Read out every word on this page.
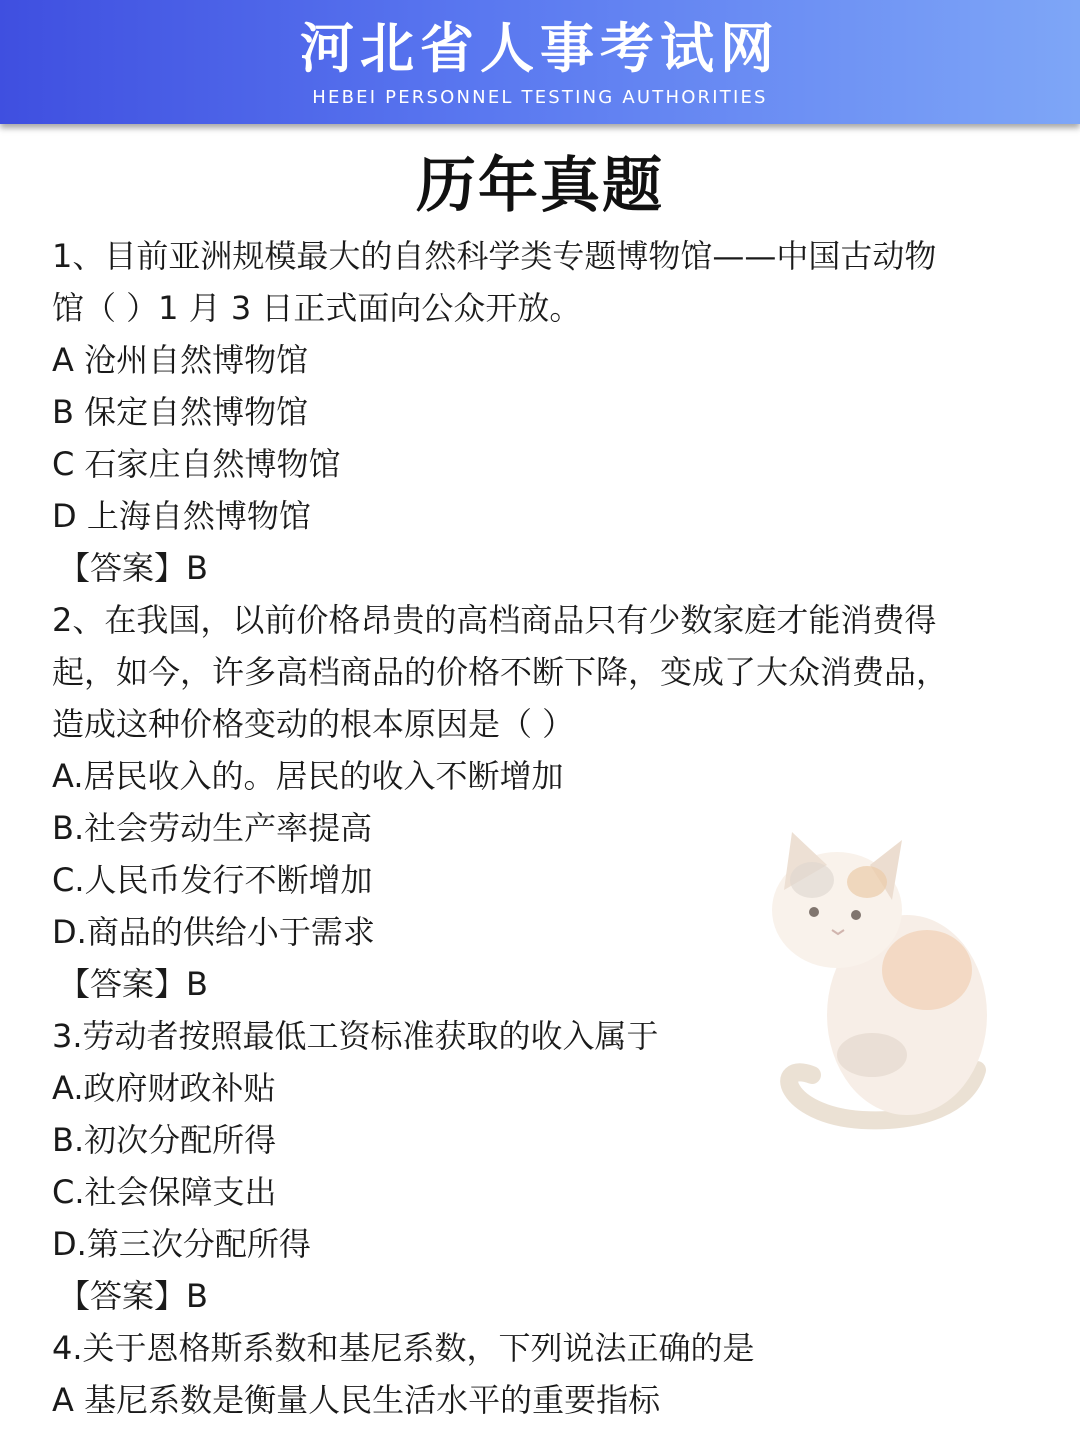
河北省人事考试网
HEBEI PERSONNEL TESTING AUTHORITIES
历年真题
1、目前亚洲规模最大的自然科学类专题博物馆——中国古动物
馆（ ）1 月 3 日正式面向公众开放。
A 沧州自然博物馆
B 保定自然博物馆
C 石家庄自然博物馆
D 上海自然博物馆
【答案】B
2、在我国，以前价格昂贵的高档商品只有少数家庭才能消费得
起，如今，许多高档商品的价格不断下降，变成了大众消费品，
造成这种价格变动的根本原因是（ ）
A.居民收入的。居民的收入不断增加
B.社会劳动生产率提高
C.人民币发行不断增加
D.商品的供给小于需求
【答案】B
3.劳动者按照最低工资标准获取的收入属于
A.政府财政补贴
B.初次分配所得
C.社会保障支出
D.第三次分配所得
【答案】B
4.关于恩格斯系数和基尼系数，下列说法正确的是
A 基尼系数是衡量人民生活水平的重要指标
